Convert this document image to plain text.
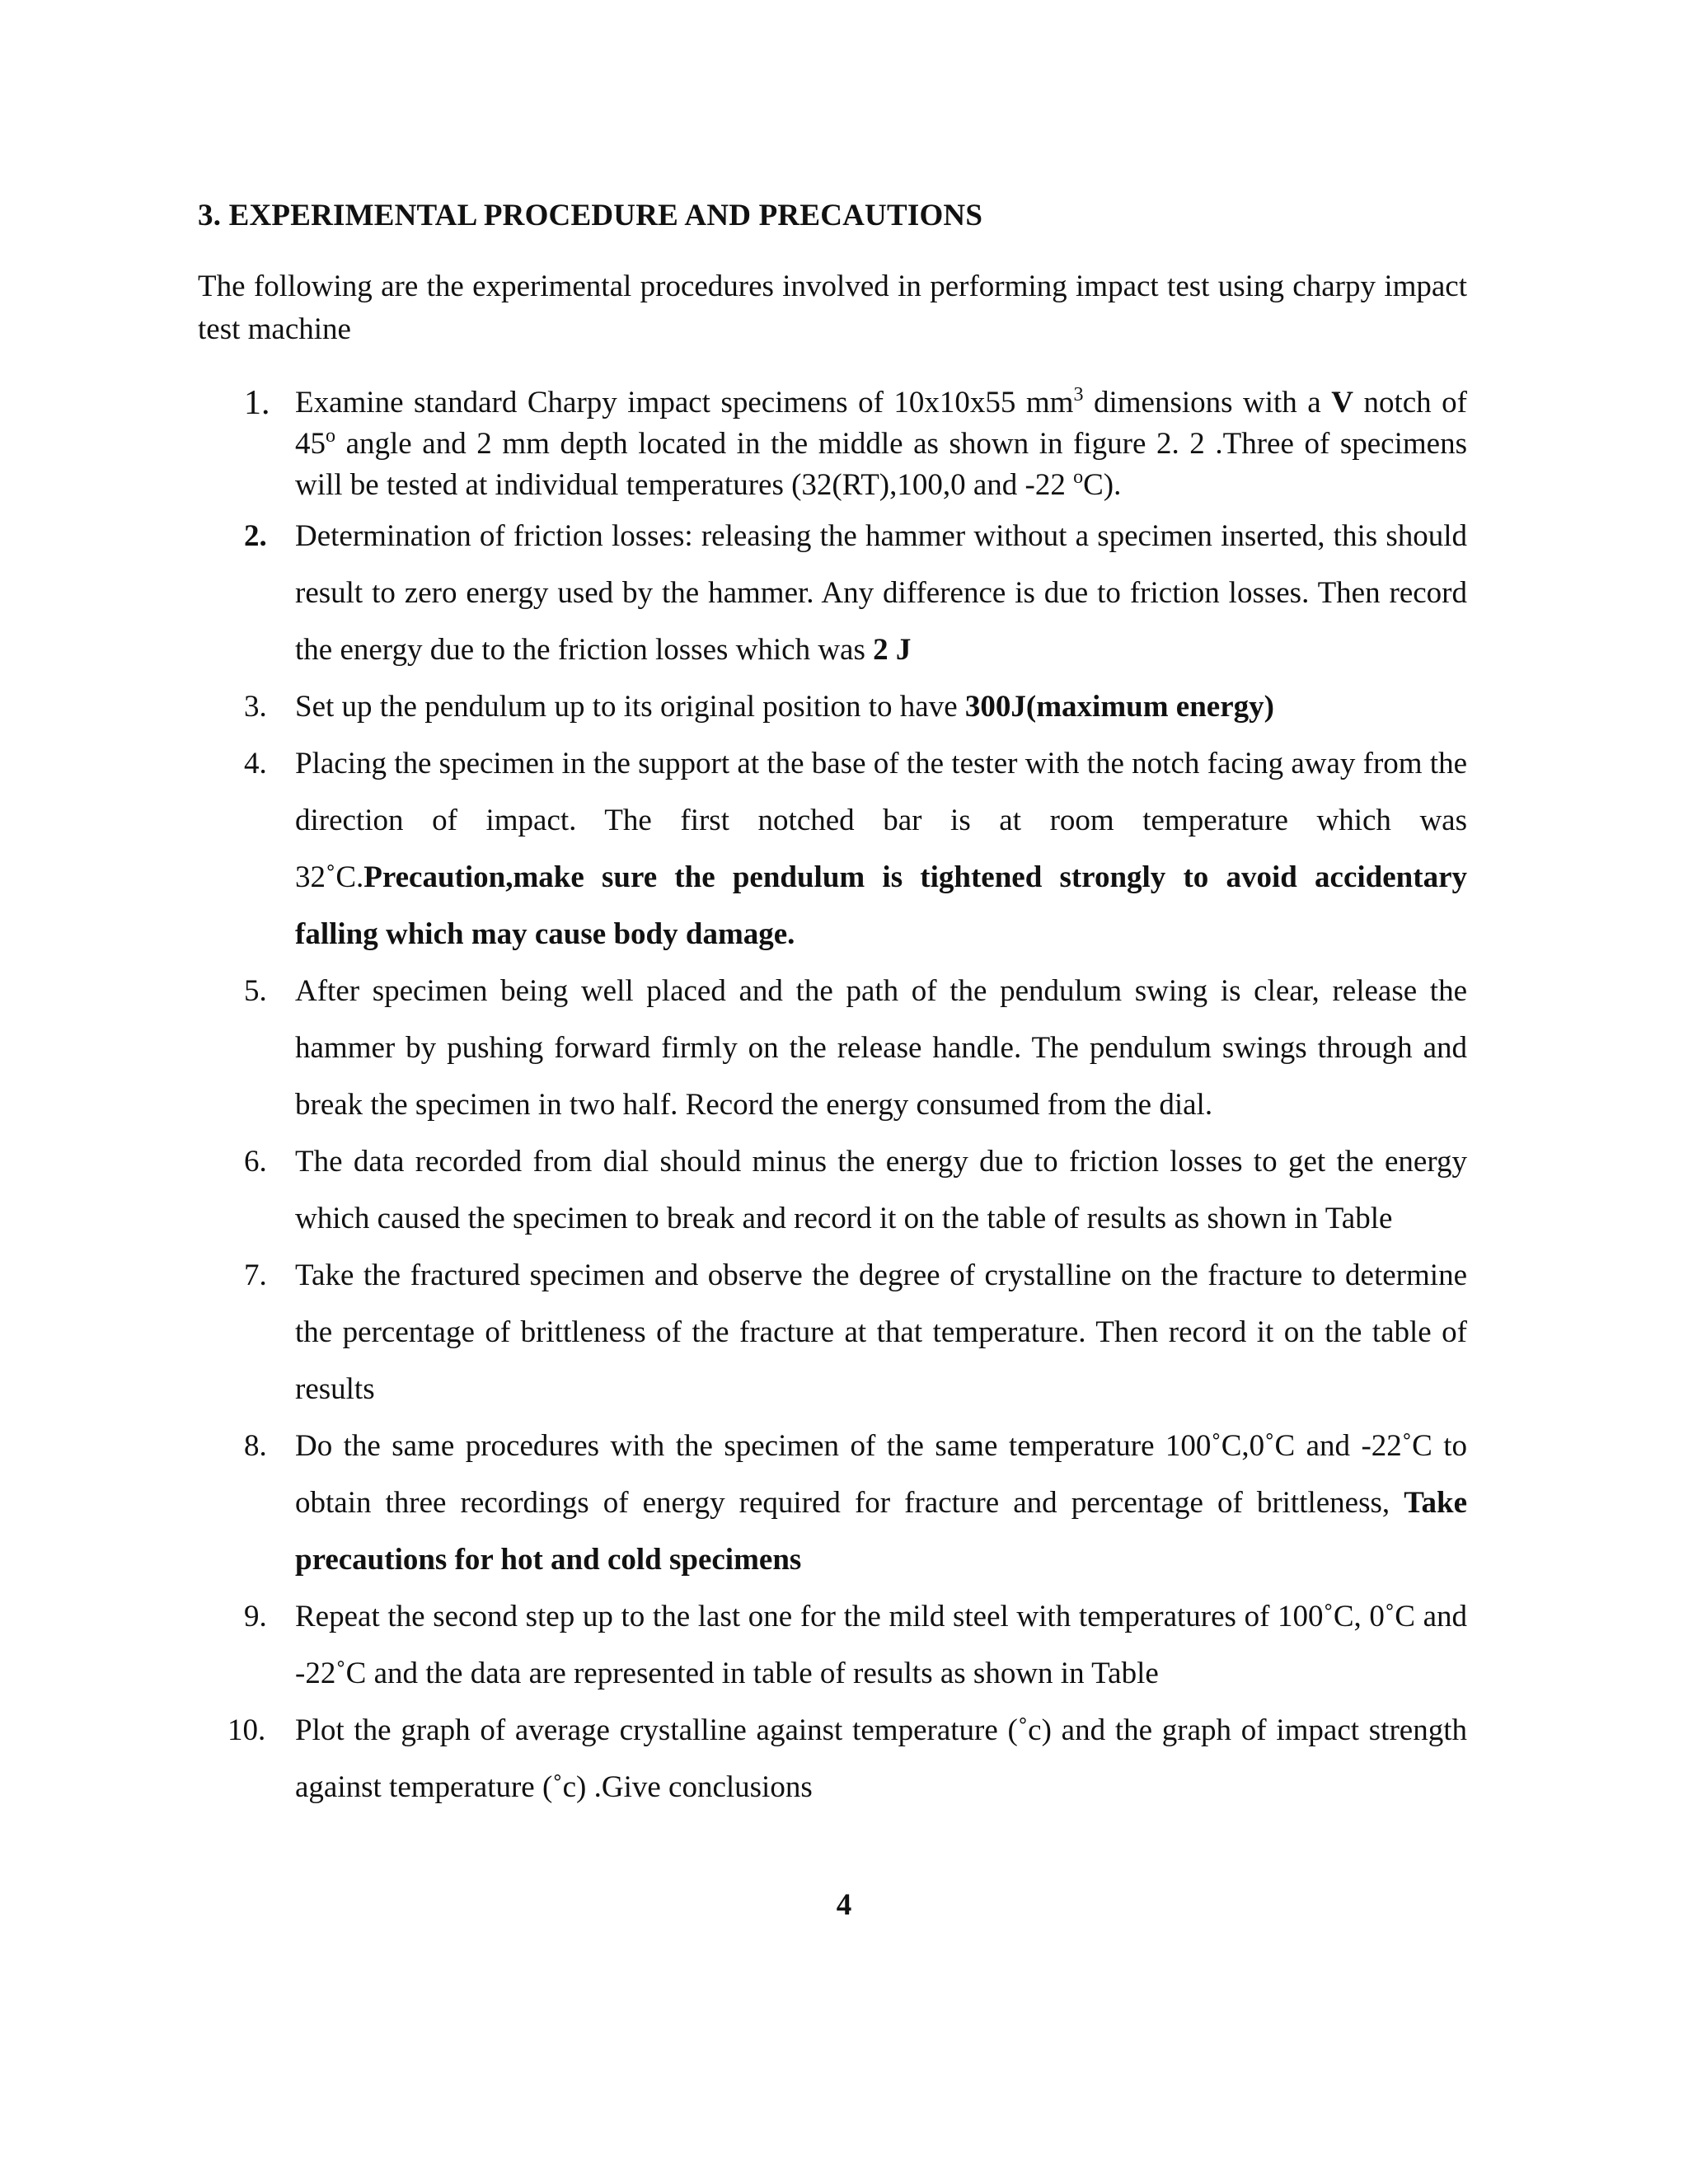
3. EXPERIMENTAL PROCEDURE AND PRECAUTIONS
The following are the experimental procedures involved in performing impact test using charpy impact test machine
1. Examine standard Charpy impact specimens of 10x10x55 $mm^3$ dimensions with a V notch of 45$^o$ angle and 2 mm depth located in the middle as shown in figure 2. 2 .Three of specimens will be tested at individual temperatures (32(RT),100,0 and -22 $^o$C).
2. Determination of friction losses: releasing the hammer without a specimen inserted, this should result to zero energy used by the hammer. Any difference is due to friction losses. Then record the energy due to the friction losses which was 2 J
3. Set up the pendulum up to its original position to have 300J(maximum energy)
4. Placing the specimen in the support at the base of the tester with the notch facing away from the direction of impact. The first notched bar is at room temperature which was 32˚C.Precaution,make sure the pendulum is tightened strongly to avoid accidentary falling which may cause body damage.
5. After specimen being well placed and the path of the pendulum swing is clear, release the hammer by pushing forward firmly on the release handle. The pendulum swings through and break the specimen in two half. Record the energy consumed from the dial.
6. The data recorded from dial should minus the energy due to friction losses to get the energy which caused the specimen to break and record it on the table of results as shown in Table
7. Take the fractured specimen and observe the degree of crystalline on the fracture to determine the percentage of brittleness of the fracture at that temperature. Then record it on the table of results
8. Do the same procedures with the specimen of the same temperature 100˚C,0˚C and -22˚C to obtain three recordings of energy required for fracture and percentage of brittleness, Take precautions for hot and cold specimens
9. Repeat the second step up to the last one for the mild steel with temperatures of 100˚C, 0˚C and -22˚C and the data are represented in table of results as shown in Table
10. Plot the graph of average crystalline against temperature (˚c) and the graph of impact strength against temperature (˚c) .Give conclusions
4
